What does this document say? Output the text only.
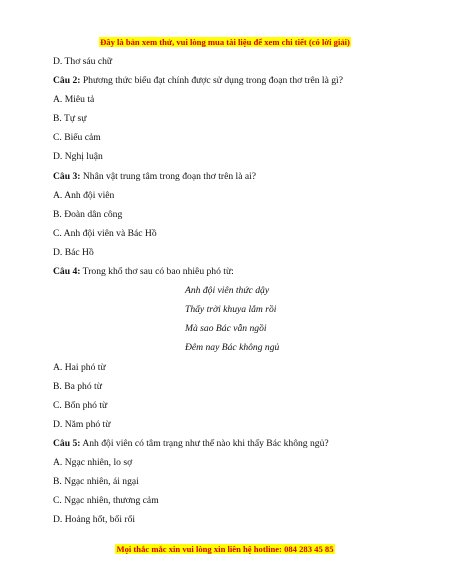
Đây là bản xem thử, vui lòng mua tài liệu để xem chi tiết (có lời giải)
D. Thơ sáu chữ
Câu 2: Phương thức biểu đạt chính được sử dụng trong đoạn thơ trên là gì?
A. Miêu tả
B. Tự sự
C. Biểu cảm
D. Nghị luận
Câu 3: Nhân vật trung tâm trong đoạn thơ trên là ai?
A. Anh đội viên
B. Đoàn dân công
C. Anh đội viên và Bác Hồ
D. Bác Hồ
Câu 4: Trong khổ thơ sau có bao nhiêu phó từ:
Anh đội viên thức dậy
Thấy trời khuya lắm rồi
Mà sao Bác vẫn ngồi
Đêm nay Bác không ngủ
A. Hai phó từ
B. Ba phó từ
C. Bốn phó từ
D. Năm phó từ
Câu 5: Anh đội viên có tâm trạng như thế nào khi thấy Bác không ngủ?
A. Ngạc nhiên, lo sợ
B. Ngạc nhiên, ái ngại
C. Ngạc nhiên, thương cảm
D. Hoảng hốt, bối rối
Mọi thắc mắc xin vui lòng xin liên hệ hotline: 084 283 45 85
